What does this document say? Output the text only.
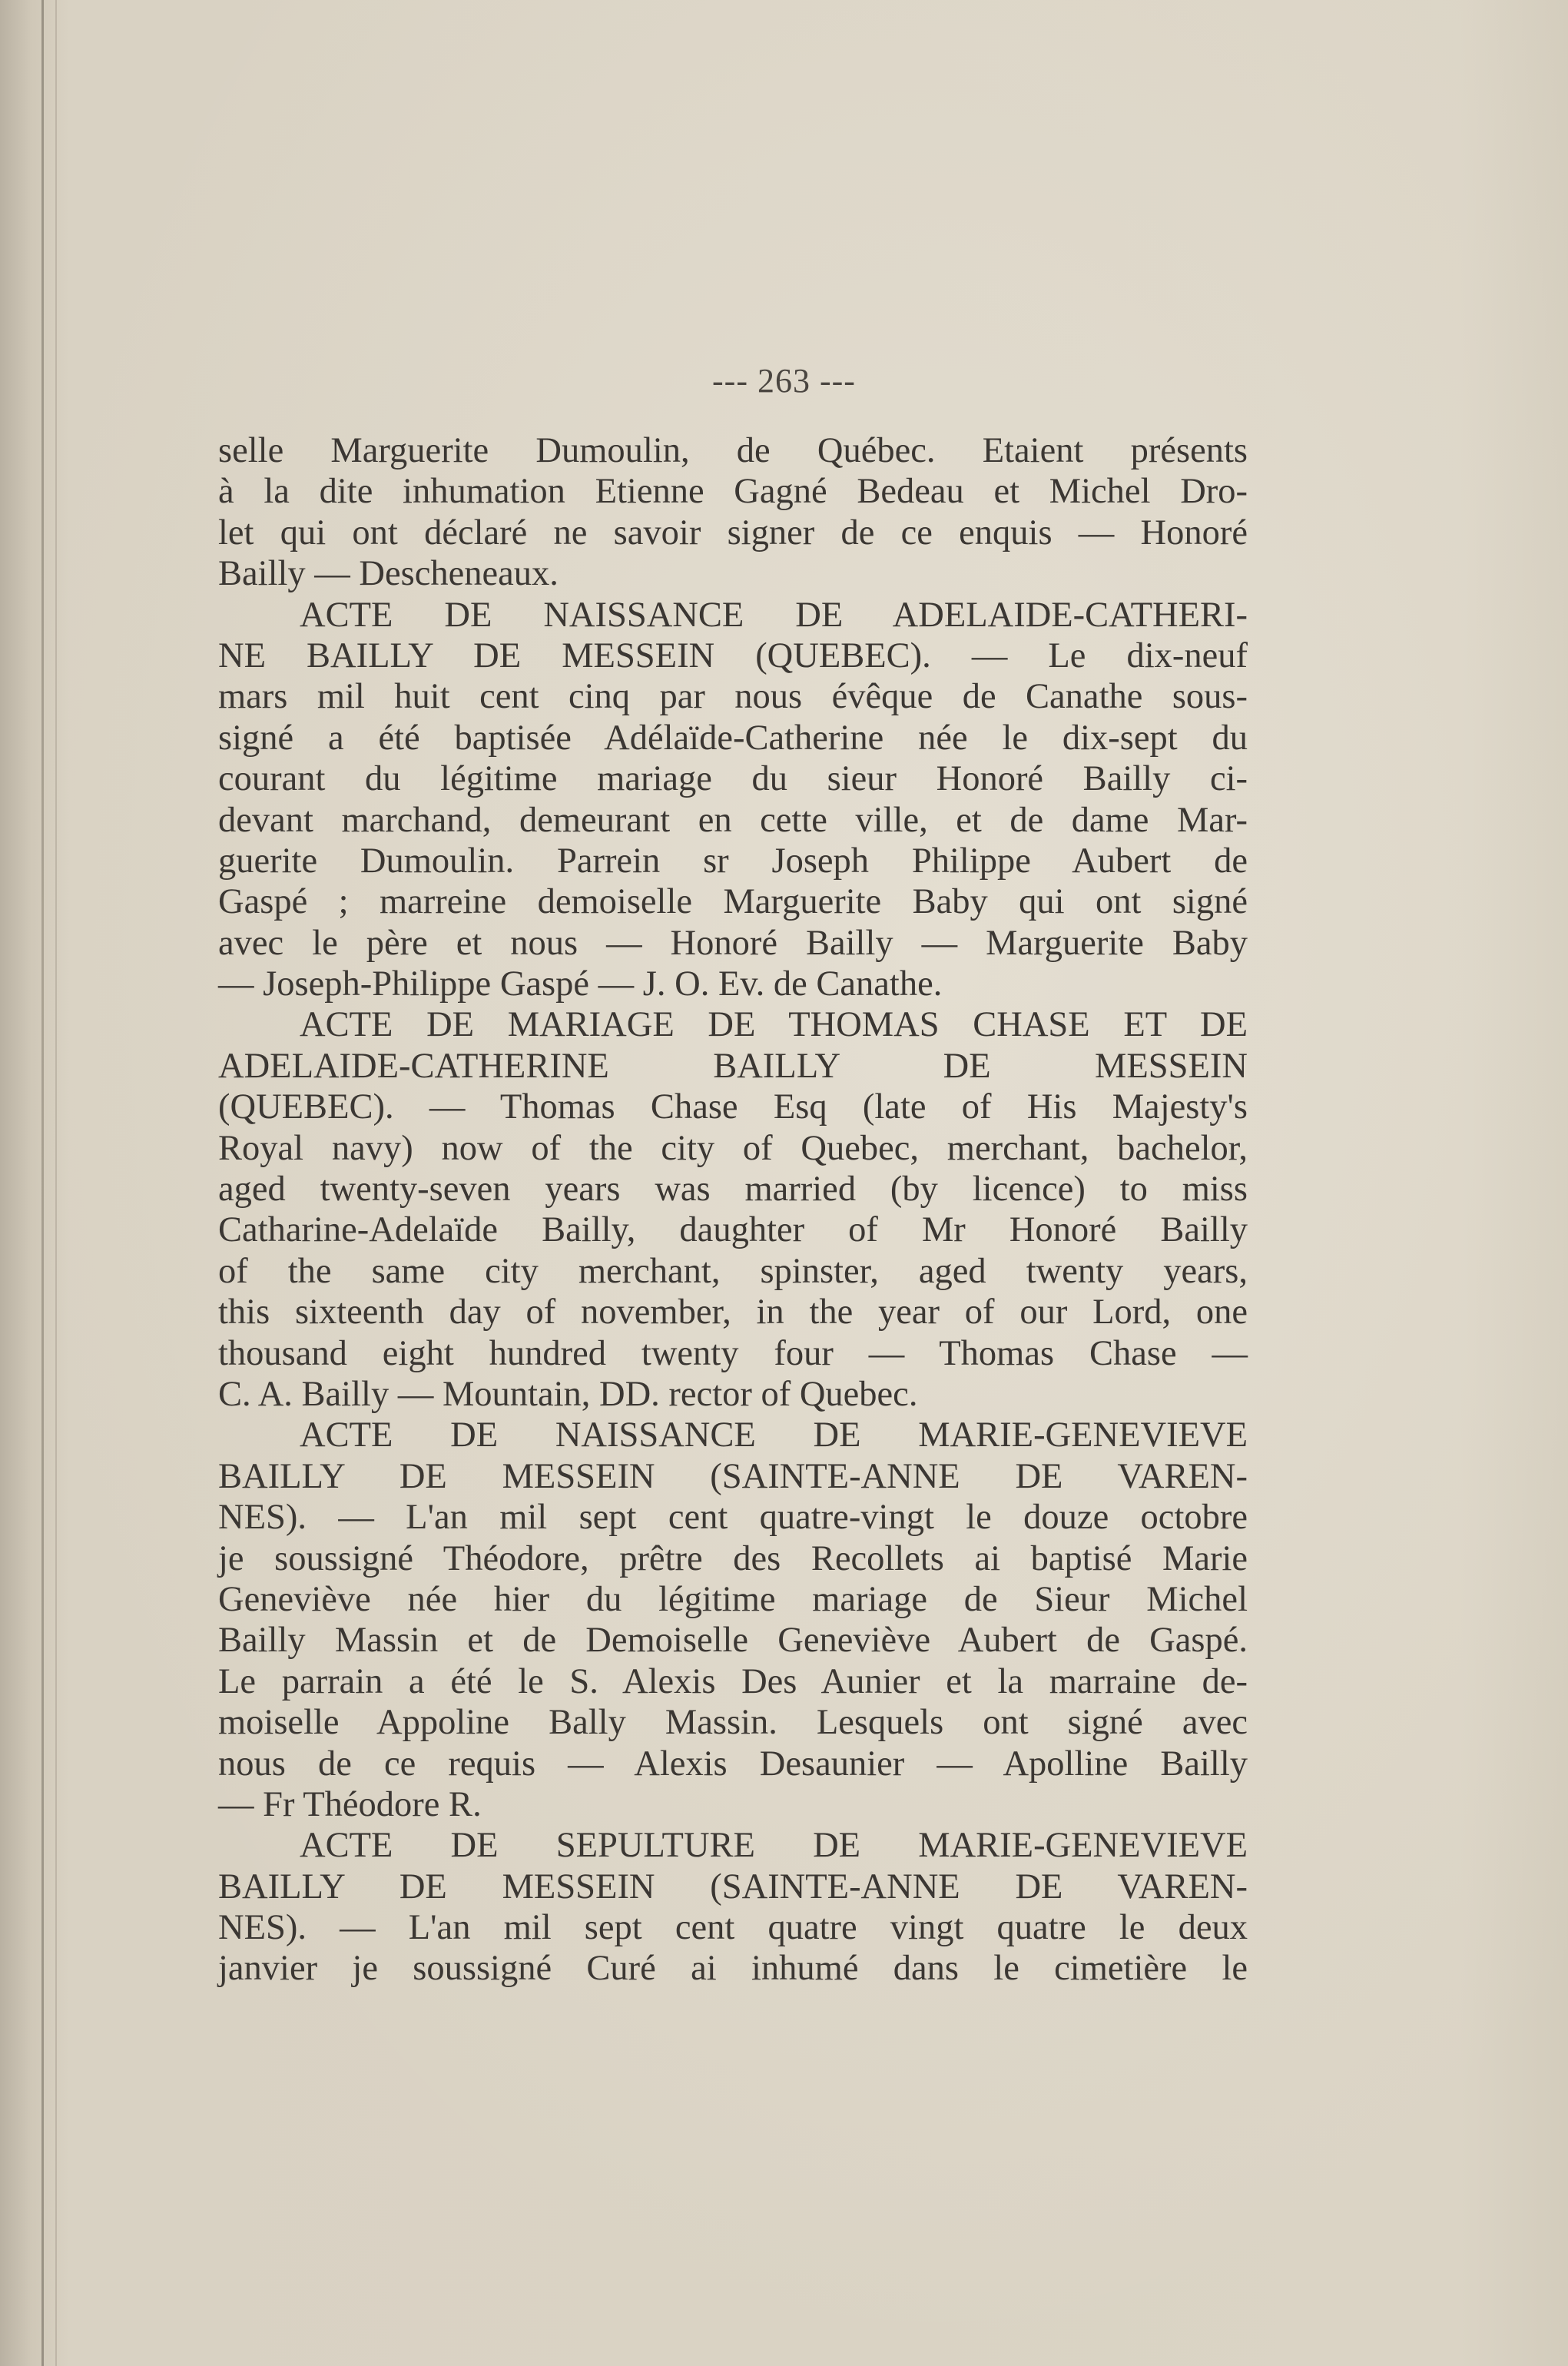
--- 263 ---
selle Marguerite Dumoulin, de Québec. Etaient présents
à la dite inhumation Etienne Gagné Bedeau et Michel Dro-
let qui ont déclaré ne savoir signer de ce enquis — Honoré
Bailly — Descheneaux.
ACTE DE NAISSANCE DE ADELAIDE-CATHERI-
NE BAILLY DE MESSEIN (QUEBEC). — Le dix-neuf
mars mil huit cent cinq par nous évêque de Canathe sous-
signé a été baptisée Adélaïde-Catherine née le dix-sept du
courant du légitime mariage du sieur Honoré Bailly ci-
devant marchand, demeurant en cette ville, et de dame Mar-
guerite Dumoulin. Parrein sr Joseph Philippe Aubert de
Gaspé ; marreine demoiselle Marguerite Baby qui ont signé
avec le père et nous — Honoré Bailly — Marguerite Baby
— Joseph-Philippe Gaspé — J. O. Ev. de Canathe.
ACTE DE MARIAGE DE THOMAS CHASE ET DE
ADELAIDE-CATHERINE BAILLY DE MESSEIN
(QUEBEC). — Thomas Chase Esq (late of His Majesty's
Royal navy) now of the city of Quebec, merchant, bachelor,
aged twenty-seven years was married (by licence) to miss
Catharine-Adelaïde Bailly, daughter of Mr Honoré Bailly
of the same city merchant, spinster, aged twenty years,
this sixteenth day of november, in the year of our Lord, one
thousand eight hundred twenty four — Thomas Chase —
C. A. Bailly — Mountain, DD. rector of Quebec.
ACTE DE NAISSANCE DE MARIE-GENEVIEVE
BAILLY DE MESSEIN (SAINTE-ANNE DE VAREN-
NES). — L'an mil sept cent quatre-vingt le douze octobre
je soussigné Théodore, prêtre des Recollets ai baptisé Marie
Geneviève née hier du légitime mariage de Sieur Michel
Bailly Massin et de Demoiselle Geneviève Aubert de Gaspé.
Le parrain a été le S. Alexis Des Aunier et la marraine de-
moiselle Appoline Bally Massin. Lesquels ont signé avec
nous de ce requis — Alexis Desaunier — Apolline Bailly
— Fr Théodore R.
ACTE DE SEPULTURE DE MARIE-GENEVIEVE
BAILLY DE MESSEIN (SAINTE-ANNE DE VAREN-
NES). — L'an mil sept cent quatre vingt quatre le deux
janvier je soussigné Curé ai inhumé dans le cimetière le
